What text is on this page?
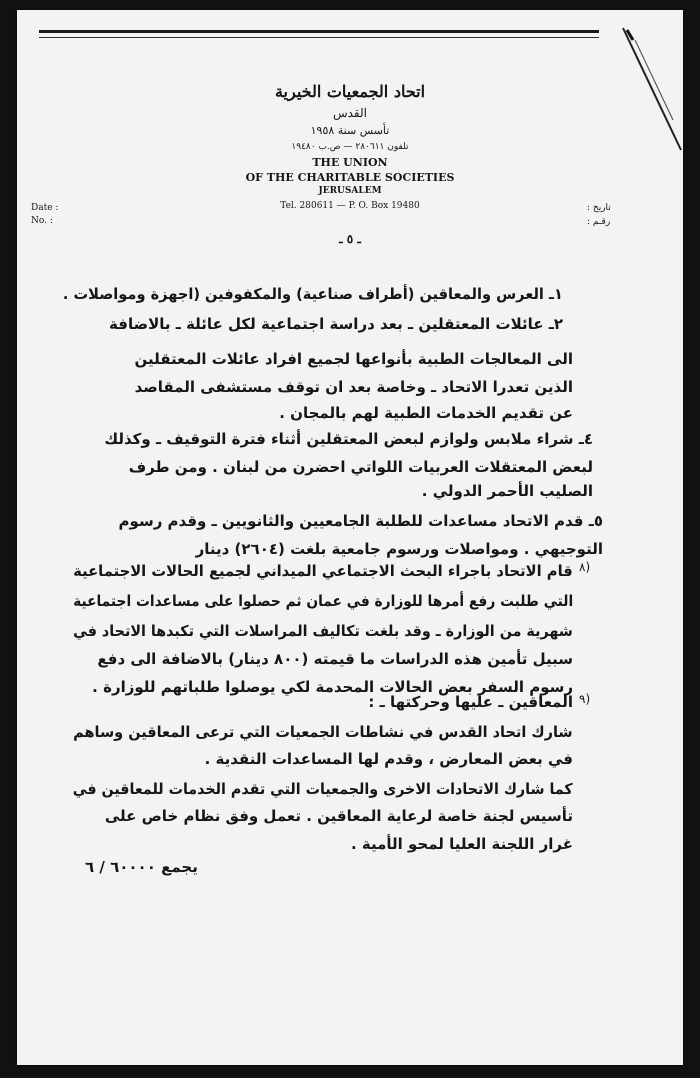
اتحاد الجمعيات الخيرية
القدس
تأسس سنة ١٩٥٨
تلفون ٢٨٠٦١١ — ص.ب ١٩٤٨٠
THE UNION
OF THE CHARITABLE SOCIETIES
JERUSALEM
Tel. 280611 — P. O. Box 19480
Date :
No. :
تاريخ :
رقـم :
ـ ٥ ـ
١ـ العرس والمعاقين (أطراف صناعية) والمكفوفين (اجهزة ومواصلات .
٢ـ عائلات المعتقلين ـ بعد دراسة اجتماعية لكل عائلة ـ بالاضافة
الى المعالجات الطبية بأنواعها لجميع افراد عائلات المعتقلين
الذين تعدرا الاتحاد ـ وخاصة بعد ان توقف مستشفى المقاصد
عن تقديم الخدمات الطبية لهم بالمجان .
٤ـ شراء ملابس ولوازم لبعض المعتقلين أثناء فترة التوقيف ـ وكذلك
لبعض المعتقلات العربيات اللواتي احضرن من لبنان . ومن طرف
الصليب الأحمر الدولي .
٥ـ قدم الاتحاد مساعدات للطلبة الجامعيين والثانويين ـ وقدم رسوم
التوجيهي . ومواصلات ورسوم جامعية بلغت (٢٦٠٤) دينار
٨)
قام الاتحاد باجراء البحث الاجتماعي الميداني لجميع الحالات الاجتماعية
التي طلبت رفع أمرها للوزارة في عمان ثم حصلوا على مساعدات اجتماعية
شهرية من الوزارة ـ وقد بلغت تكاليف المراسلات التي تكبدها الاتحاد في
سبيل تأمين هذه الدراسات ما قيمته (٨٠٠ دينار) بالاضافة الى دفع
رسوم السفر بعض الحالات المحدمة لكي يوصلوا طلباتهم للوزارة .
٩)
المعاقين ـ عليها وحركتها ـ :
شارك اتحاد القدس في نشاطات الجمعيات التي ترعى المعاقين وساهم
في بعض المعارض ، وقدم لها المساعدات النقدية .
كما شارك الاتحادات الاخرى والجمعيات التي تقدم الخدمات للمعاقين في
تأسيس لجنة خاصة لرعاية المعاقين . تعمل وفق نظام خاص على
غرار اللجنة العليا لمحو الأمية .
يجمع ٦٠٠٠٠ / ٦
